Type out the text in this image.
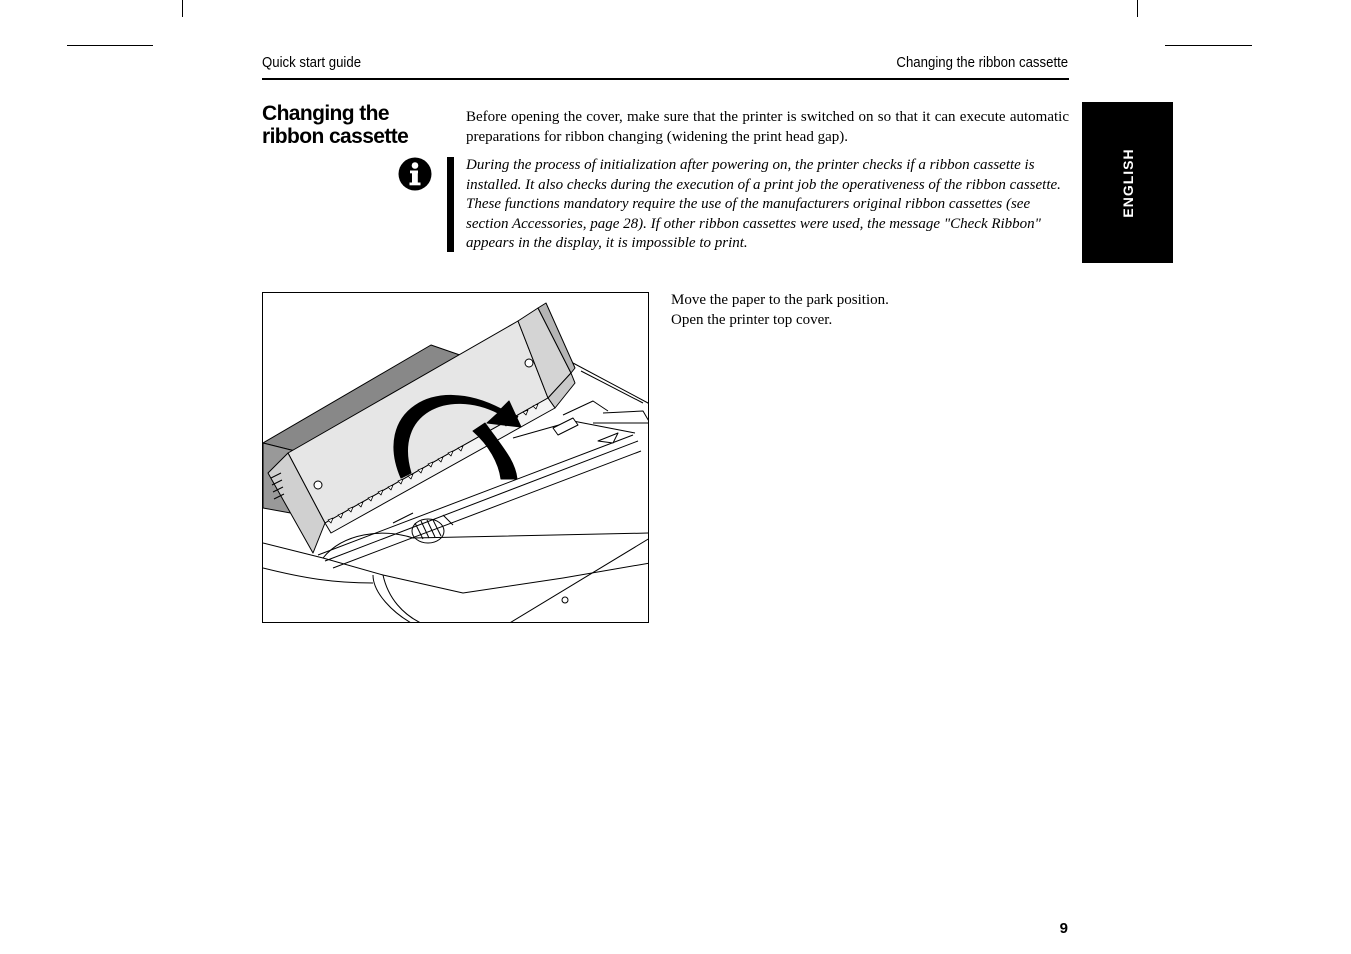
Quick start guide	Changing the ribbon cassette
Changing the
ribbon cassette

Before opening the cover, make sure that the printer is switched on so that it can execute automatic preparations for ribbon changing (widening the print head gap).

During the process of initialization after powering on, the printer checks if a ribbon cassette is installed. It also checks during the execution of a print job the operativeness of the ribbon cassette. These functions mandatory require the use of the manufacturers original ribbon cassettes (see section Accessories, page 28). If other ribbon cassettes were used, the message "Check Ribbon" appears in the display, it is impossible to print.

ENGLISH
Move the paper to the park position.
Open the printer top cover.
9
